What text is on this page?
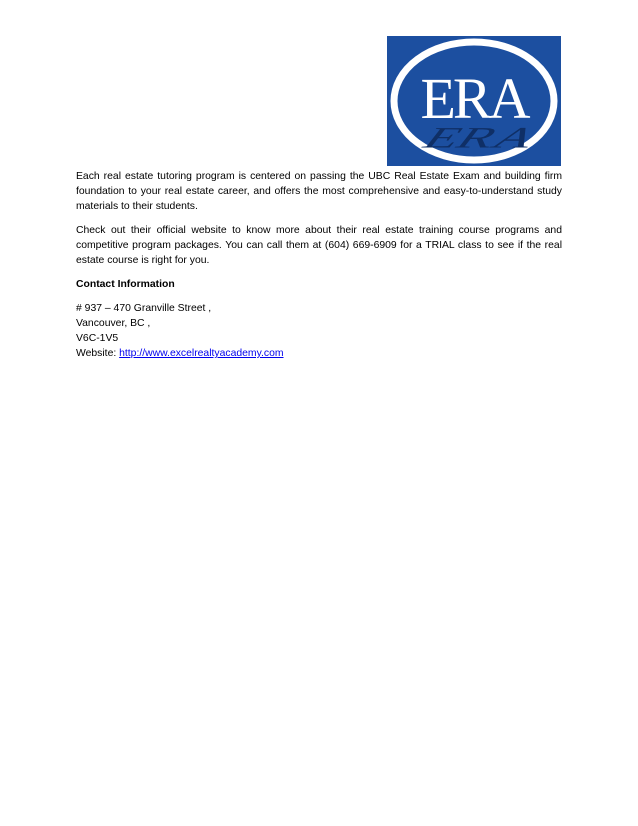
ERA
ERA

Each real estate tutoring program is centered on passing the UBC Real Estate Exam and building firm foundation to your real estate career, and offers the most comprehensive and easy-to-understand study materials to their students.

Check out their official website to know more about their real estate training course programs and competitive program packages. You can call them at (604) 669-6909 for a TRIAL class to see if the real estate course is right for you.

Contact Information

# 937 – 470 Granville Street ,

Vancouver, BC ,

V6C-1V5

Website: http://www.excelrealtyacademy.com
